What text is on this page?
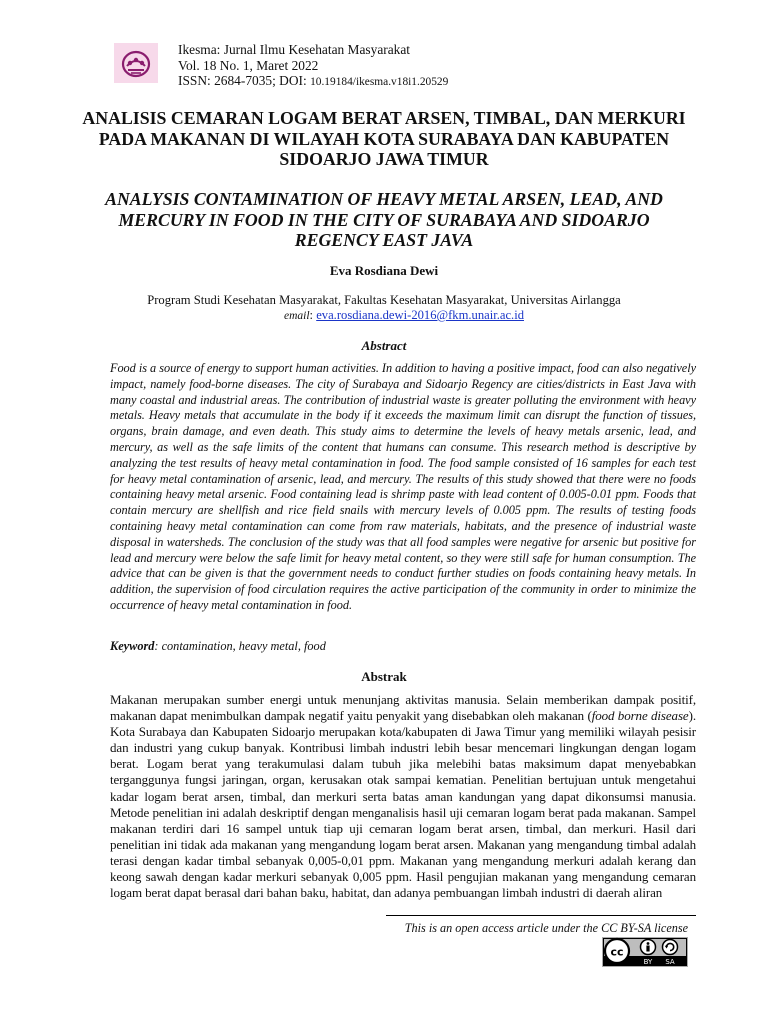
Ikesma: Jurnal Ilmu Kesehatan Masyarakat
Vol. 18 No. 1, Maret 2022
ISSN: 2684-7035; DOI: 10.19184/ikesma.v18i1.20529
ANALISIS CEMARAN LOGAM BERAT ARSEN, TIMBAL, DAN MERKURI PADA MAKANAN DI WILAYAH KOTA SURABAYA DAN KABUPATEN SIDOARJO JAWA TIMUR
ANALYSIS CONTAMINATION OF HEAVY METAL ARSEN, LEAD, AND MERCURY IN FOOD IN THE CITY OF SURABAYA AND SIDOARJO REGENCY EAST JAVA
Eva Rosdiana Dewi
Program Studi Kesehatan Masyarakat, Fakultas Kesehatan Masyarakat, Universitas Airlangga
email: eva.rosdiana.dewi-2016@fkm.unair.ac.id
Abstract
Food is a source of energy to support human activities. In addition to having a positive impact, food can also negatively impact, namely food-borne diseases. The city of Surabaya and Sidoarjo Regency are cities/districts in East Java with many coastal and industrial areas. The contribution of industrial waste is greater polluting the environment with heavy metals. Heavy metals that accumulate in the body if it exceeds the maximum limit can disrupt the function of tissues, organs, brain damage, and even death. This study aims to determine the levels of heavy metals arsenic, lead, and mercury, as well as the safe limits of the content that humans can consume. This research method is descriptive by analyzing the test results of heavy metal contamination in food. The food sample consisted of 16 samples for each test for heavy metal contamination of arsenic, lead, and mercury. The results of this study showed that there were no foods containing heavy metal arsenic. Food containing lead is shrimp paste with lead content of 0.005-0.01 ppm. Foods that contain mercury are shellfish and rice field snails with mercury levels of 0.005 ppm. The results of testing foods containing heavy metal contamination can come from raw materials, habitats, and the presence of industrial waste disposal in watersheds. The conclusion of the study was that all food samples were negative for arsenic but positive for lead and mercury were below the safe limit for heavy metal content, so they were still safe for human consumption. The advice that can be given is that the government needs to conduct further studies on foods containing heavy metals. In addition, the supervision of food circulation requires the active participation of the community in order to minimize the occurrence of heavy metal contamination in food.
Keyword: contamination, heavy metal, food
Abstrak
Makanan merupakan sumber energi untuk menunjang aktivitas manusia. Selain memberikan dampak positif, makanan dapat menimbulkan dampak negatif yaitu penyakit yang disebabkan oleh makanan (food borne disease). Kota Surabaya dan Kabupaten Sidoarjo merupakan kota/kabupaten di Jawa Timur yang memiliki wilayah pesisir dan industri yang cukup banyak. Kontribusi limbah industri lebih besar mencemari lingkungan dengan logam berat. Logam berat yang terakumulasi dalam tubuh jika melebihi batas maksimum dapat menyebabkan terganggunya fungsi jaringan, organ, kerusakan otak sampai kematian. Penelitian bertujuan untuk mengetahui kadar logam berat arsen, timbal, dan merkuri serta batas aman kandungan yang dapat dikonsumsi manusia. Metode penelitian ini adalah deskriptif dengan menganalisis hasil uji cemaran logam berat pada makanan. Sampel makanan terdiri dari 16 sampel untuk tiap uji cemaran logam berat arsen, timbal, dan merkuri. Hasil dari penelitian ini tidak ada makanan yang mengandung logam berat arsen. Makanan yang mengandung timbal adalah terasi dengan kadar timbal sebanyak 0,005-0,01 ppm. Makanan yang mengandung merkuri adalah kerang dan keong sawah dengan kadar merkuri sebanyak 0,005 ppm. Hasil pengujian makanan yang mengandung cemaran logam berat dapat berasal dari bahan baku, habitat, dan adanya pembuangan limbah industri di daerah aliran
This is an open access article under the CC BY-SA license
cc
BY SA
